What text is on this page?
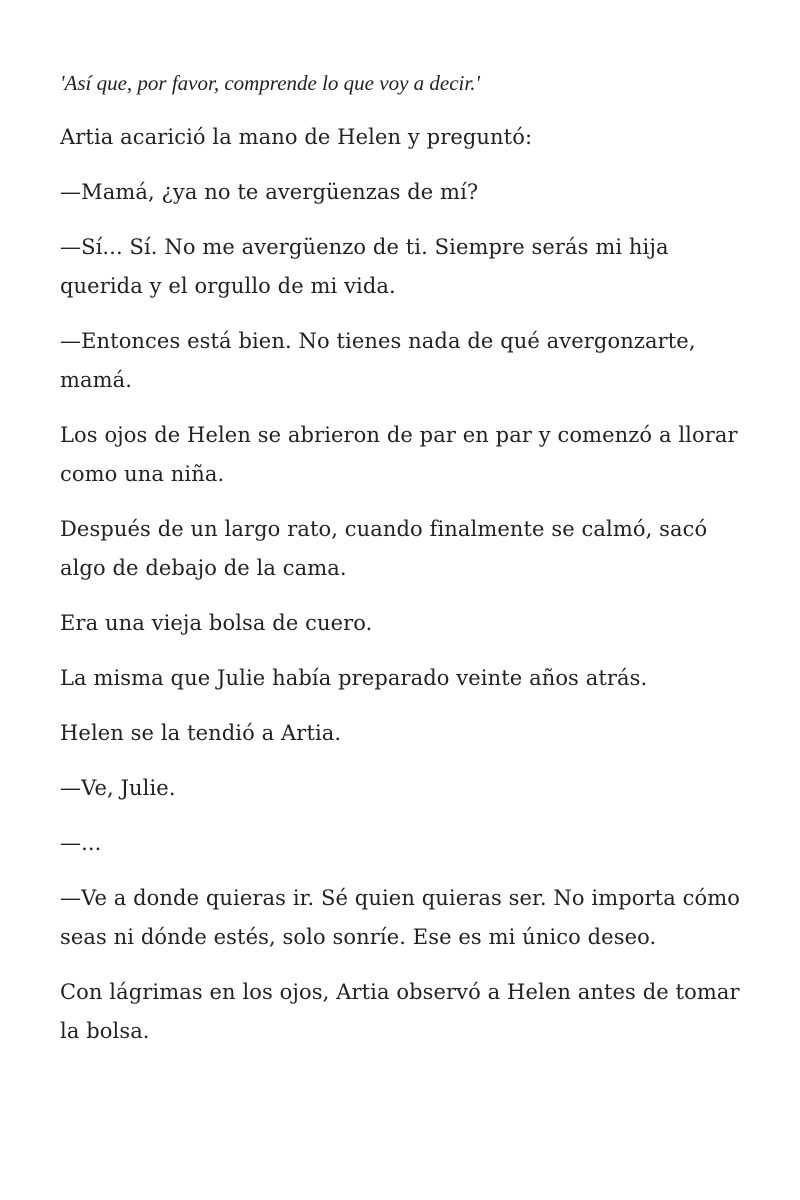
'Así que, por favor, comprende lo que voy a decir.'

Artia acarició la mano de Helen y preguntó:

—Mamá, ¿ya no te avergüenzas de mí?

—Sí... Sí. No me avergüenzo de ti. Siempre serás mi hija querida y el orgullo de mi vida.

—Entonces está bien. No tienes nada de qué avergonzarte, mamá.

Los ojos de Helen se abrieron de par en par y comenzó a llorar como una niña.

Después de un largo rato, cuando finalmente se calmó, sacó algo de debajo de la cama.

Era una vieja bolsa de cuero.

La misma que Julie había preparado veinte años atrás.

Helen se la tendió a Artia.

—Ve, Julie.

—...

—Ve a donde quieras ir. Sé quien quieras ser. No importa cómo seas ni dónde estés, solo sonríe. Ese es mi único deseo.

Con lágrimas en los ojos, Artia observó a Helen antes de tomar la bolsa.
